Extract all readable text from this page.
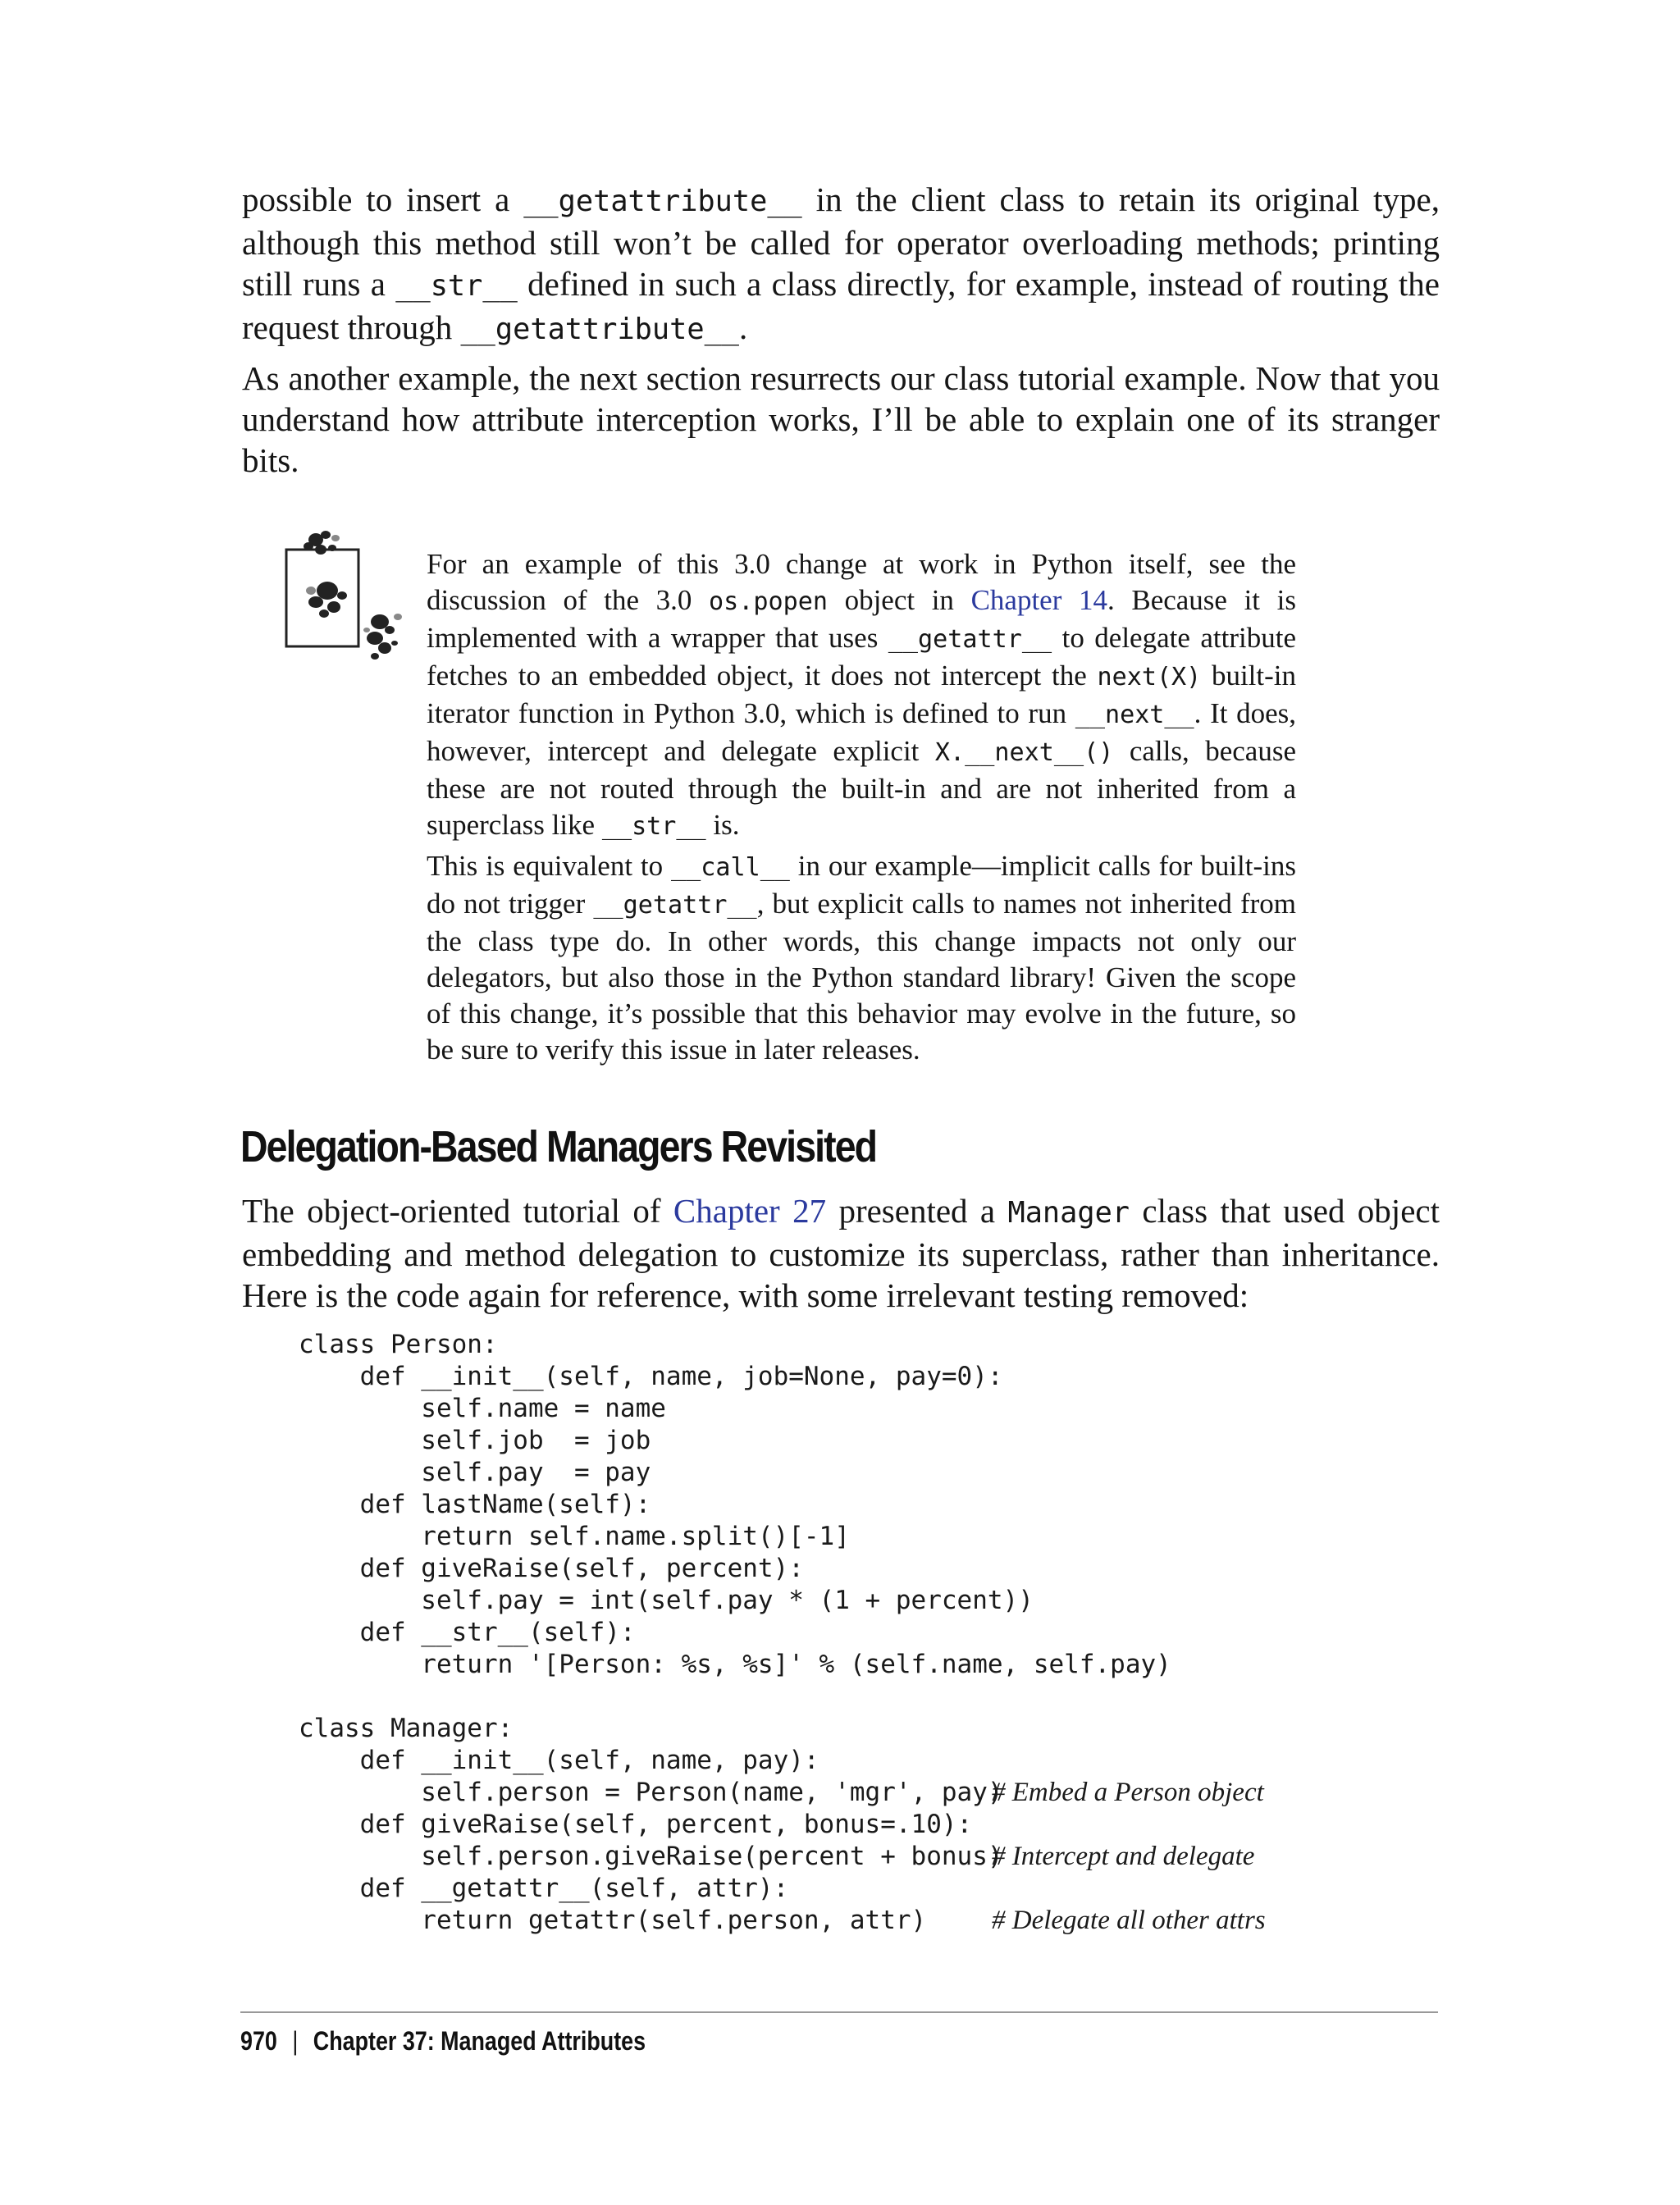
possible to insert a __getattribute__ in the client class to retain its original type, although this method still won’t be called for operator overloading methods; printing still runs a __str__ defined in such a class directly, for example, instead of routing the request through __getattribute__.

As another example, the next section resurrects our class tutorial example. Now that you understand how attribute interception works, I’ll be able to explain one of its stranger bits.

For an example of this 3.0 change at work in Python itself, see the discussion of the 3.0 os.popen object in Chapter 14. Because it is implemented with a wrapper that uses __getattr__ to delegate attribute fetches to an embedded object, it does not intercept the next(X) built-in iterator function in Python 3.0, which is defined to run __next__. It does, however, intercept and delegate explicit X.__next__() calls, because these are not routed through the built-in and are not inherited from a superclass like __str__ is.

This is equivalent to __call__ in our example—implicit calls for built-ins do not trigger __getattr__, but explicit calls to names not inherited from the class type do. In other words, this change impacts not only our delegators, but also those in the Python standard library! Given the scope of this change, it’s possible that this behavior may evolve in the future, so be sure to verify this issue in later releases.

Delegation-Based Managers Revisited

The object-oriented tutorial of Chapter 27 presented a Manager class that used object embedding and method delegation to customize its superclass, rather than inheritance. Here is the code again for reference, with some irrelevant testing removed:

class Person:
def __init__(self, name, job=None, pay=0):
self.name = name
self.job  = job
self.pay  = pay
def lastName(self):
return self.name.split()[-1]
def giveRaise(self, percent):
self.pay = int(self.pay * (1 + percent))
def __str__(self):
return '[Person: %s, %s]' % (self.name, self.pay)
class Manager:
def __init__(self, name, pay):
self.person = Person(name, 'mgr', pay)
# Embed a Person object
def giveRaise(self, percent, bonus=.10):
self.person.giveRaise(percent + bonus)
# Intercept and delegate
def __getattr__(self, attr):
return getattr(self.person, attr) # Delegate all other attrs
970 | Chapter 37: Managed Attributes
